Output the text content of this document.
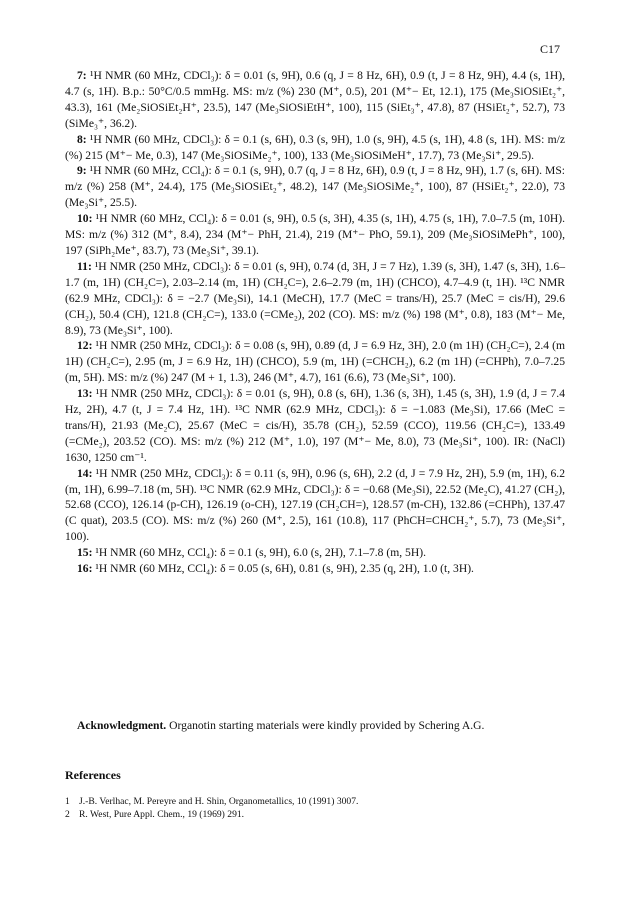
C17

7: ¹H NMR (60 MHz, CDCl₃): δ = 0.01 (s, 9H), 0.6 (q, J = 8 Hz, 6H), 0.9 (t, J = 8 Hz, 9H), 4.4 (s, 1H), 4.7 (s, 1H). B.p.: 50°C/0.5 mmHg. MS: m/z (%) 230 (M⁺, 0.5), 201 (M⁺− Et, 12.1), 175 (Me₃SiOSiEt₂⁺, 43.3), 161 (Me₂SiOSiEt₂H⁺, 23.5), 147 (Me₃SiOSiEtH⁺, 100), 115 (SiEt₃⁺, 47.8), 87 (HSiEt₂⁺, 52.7), 73 (SiMe₃⁺, 36.2).

8: ¹H NMR (60 MHz, CDCl₃): δ = 0.1 (s, 6H), 0.3 (s, 9H), 1.0 (s, 9H), 4.5 (s, 1H), 4.8 (s, 1H). MS: m/z (%) 215 (M⁺− Me, 0.3), 147 (Me₃SiOSiMe₂⁺, 100), 133 (Me₃SiOSiMeH⁺, 17.7), 73 (Me₃Si⁺, 29.5).

9: ¹H NMR (60 MHz, CCl₄): δ = 0.1 (s, 9H), 0.7 (q, J = 8 Hz, 6H), 0.9 (t, J = 8 Hz, 9H), 1.7 (s, 6H). MS: m/z (%) 258 (M⁺, 24.4), 175 (Me₃SiOSiEt₂⁺, 48.2), 147 (Me₃SiOSiMe₂⁺, 100), 87 (HSiEt₂⁺, 22.0), 73 (Me₃Si⁺, 25.5).

10: ¹H NMR (60 MHz, CCl₄): δ = 0.01 (s, 9H), 0.5 (s, 3H), 4.35 (s, 1H), 4.75 (s, 1H), 7.0–7.5 (m, 10H). MS: m/z (%) 312 (M⁺, 8.4), 234 (M⁺− PhH, 21.4), 219 (M⁺− PhO, 59.1), 209 (Me₃SiOSiMePh⁺, 100), 197 (SiPh₂Me⁺, 83.7), 73 (Me₃Si⁺, 39.1).

11: ¹H NMR (250 MHz, CDCl₃): δ = 0.01 (s, 9H), 0.74 (d, 3H, J = 7 Hz), 1.39 (s, 3H), 1.47 (s, 3H), 1.6–1.7 (m, 1H) (CH₂C=), 2.03–2.14 (m, 1H) (CH₂C=), 2.6–2.79 (m, 1H) (CHCO), 4.7–4.9 (t, 1H). ¹³C NMR (62.9 MHz, CDCl₃): δ = −2.7 (Me₃Si), 14.1 (MeCH), 17.7 (MeC = trans/H), 25.7 (MeC = cis/H), 29.6 (CH₂), 50.4 (CH), 121.8 (CH₂C=), 133.0 (=CMe₂), 202 (CO). MS: m/z (%) 198 (M⁺, 0.8), 183 (M⁺− Me, 8.9), 73 (Me₃Si⁺, 100).

12: ¹H NMR (250 MHz, CDCl₃): δ = 0.08 (s, 9H), 0.89 (d, J = 6.9 Hz, 3H), 2.0 (m 1H) (CH₂C=), 2.4 (m 1H) (CH₂C=), 2.95 (m, J = 6.9 Hz, 1H) (CHCO), 5.9 (m, 1H) (=CHCH₂), 6.2 (m 1H) (=CHPh), 7.0–7.25 (m, 5H). MS: m/z (%) 247 (M + 1, 1.3), 246 (M⁺, 4.7), 161 (6.6), 73 (Me₃Si⁺, 100).

13: ¹H NMR (250 MHz, CDCl₃): δ = 0.01 (s, 9H), 0.8 (s, 6H), 1.36 (s, 3H), 1.45 (s, 3H), 1.9 (d, J = 7.4 Hz, 2H), 4.7 (t, J = 7.4 Hz, 1H). ¹³C NMR (62.9 MHz, CDCl₃): δ = −1.083 (Me₃Si), 17.66 (MeC = trans/H), 21.93 (Me₂C), 25.67 (MeC = cis/H), 35.78 (CH₂), 52.59 (CCO), 119.56 (CH₂C=), 133.49 (=CMe₂), 203.52 (CO). MS: m/z (%) 212 (M⁺, 1.0), 197 (M⁺− Me, 8.0), 73 (Me₃Si⁺, 100). IR: (NaCl) 1630, 1250 cm⁻¹.

14: ¹H NMR (250 MHz, CDCl₃): δ = 0.11 (s, 9H), 0.96 (s, 6H), 2.2 (d, J = 7.9 Hz, 2H), 5.9 (m, 1H), 6.2 (m, 1H), 6.99–7.18 (m, 5H). ¹³C NMR (62.9 MHz, CDCl₃): δ = −0.68 (Me₃Si), 22.52 (Me₂C), 41.27 (CH₂), 52.68 (CCO), 126.14 (p-CH), 126.19 (o-CH), 127.19 (CH₂CH=), 128.57 (m-CH), 132.86 (=CHPh), 137.47 (C quat), 203.5 (CO). MS: m/z (%) 260 (M⁺, 2.5), 161 (10.8), 117 (PhCH=CHCH₂⁺, 5.7), 73 (Me₃Si⁺, 100).

15: ¹H NMR (60 MHz, CCl₄): δ = 0.1 (s, 9H), 6.0 (s, 2H), 7.1–7.8 (m, 5H).

16: ¹H NMR (60 MHz, CCl₄): δ = 0.05 (s, 6H), 0.81 (s, 9H), 2.35 (q, 2H), 1.0 (t, 3H).

Acknowledgment. Organotin starting materials were kindly provided by Schering A.G.

References
1 J.-B. Verlhac, M. Pereyre and H. Shin, Organometallics, 10 (1991) 3007.
2 R. West, Pure Appl. Chem., 19 (1969) 291.
